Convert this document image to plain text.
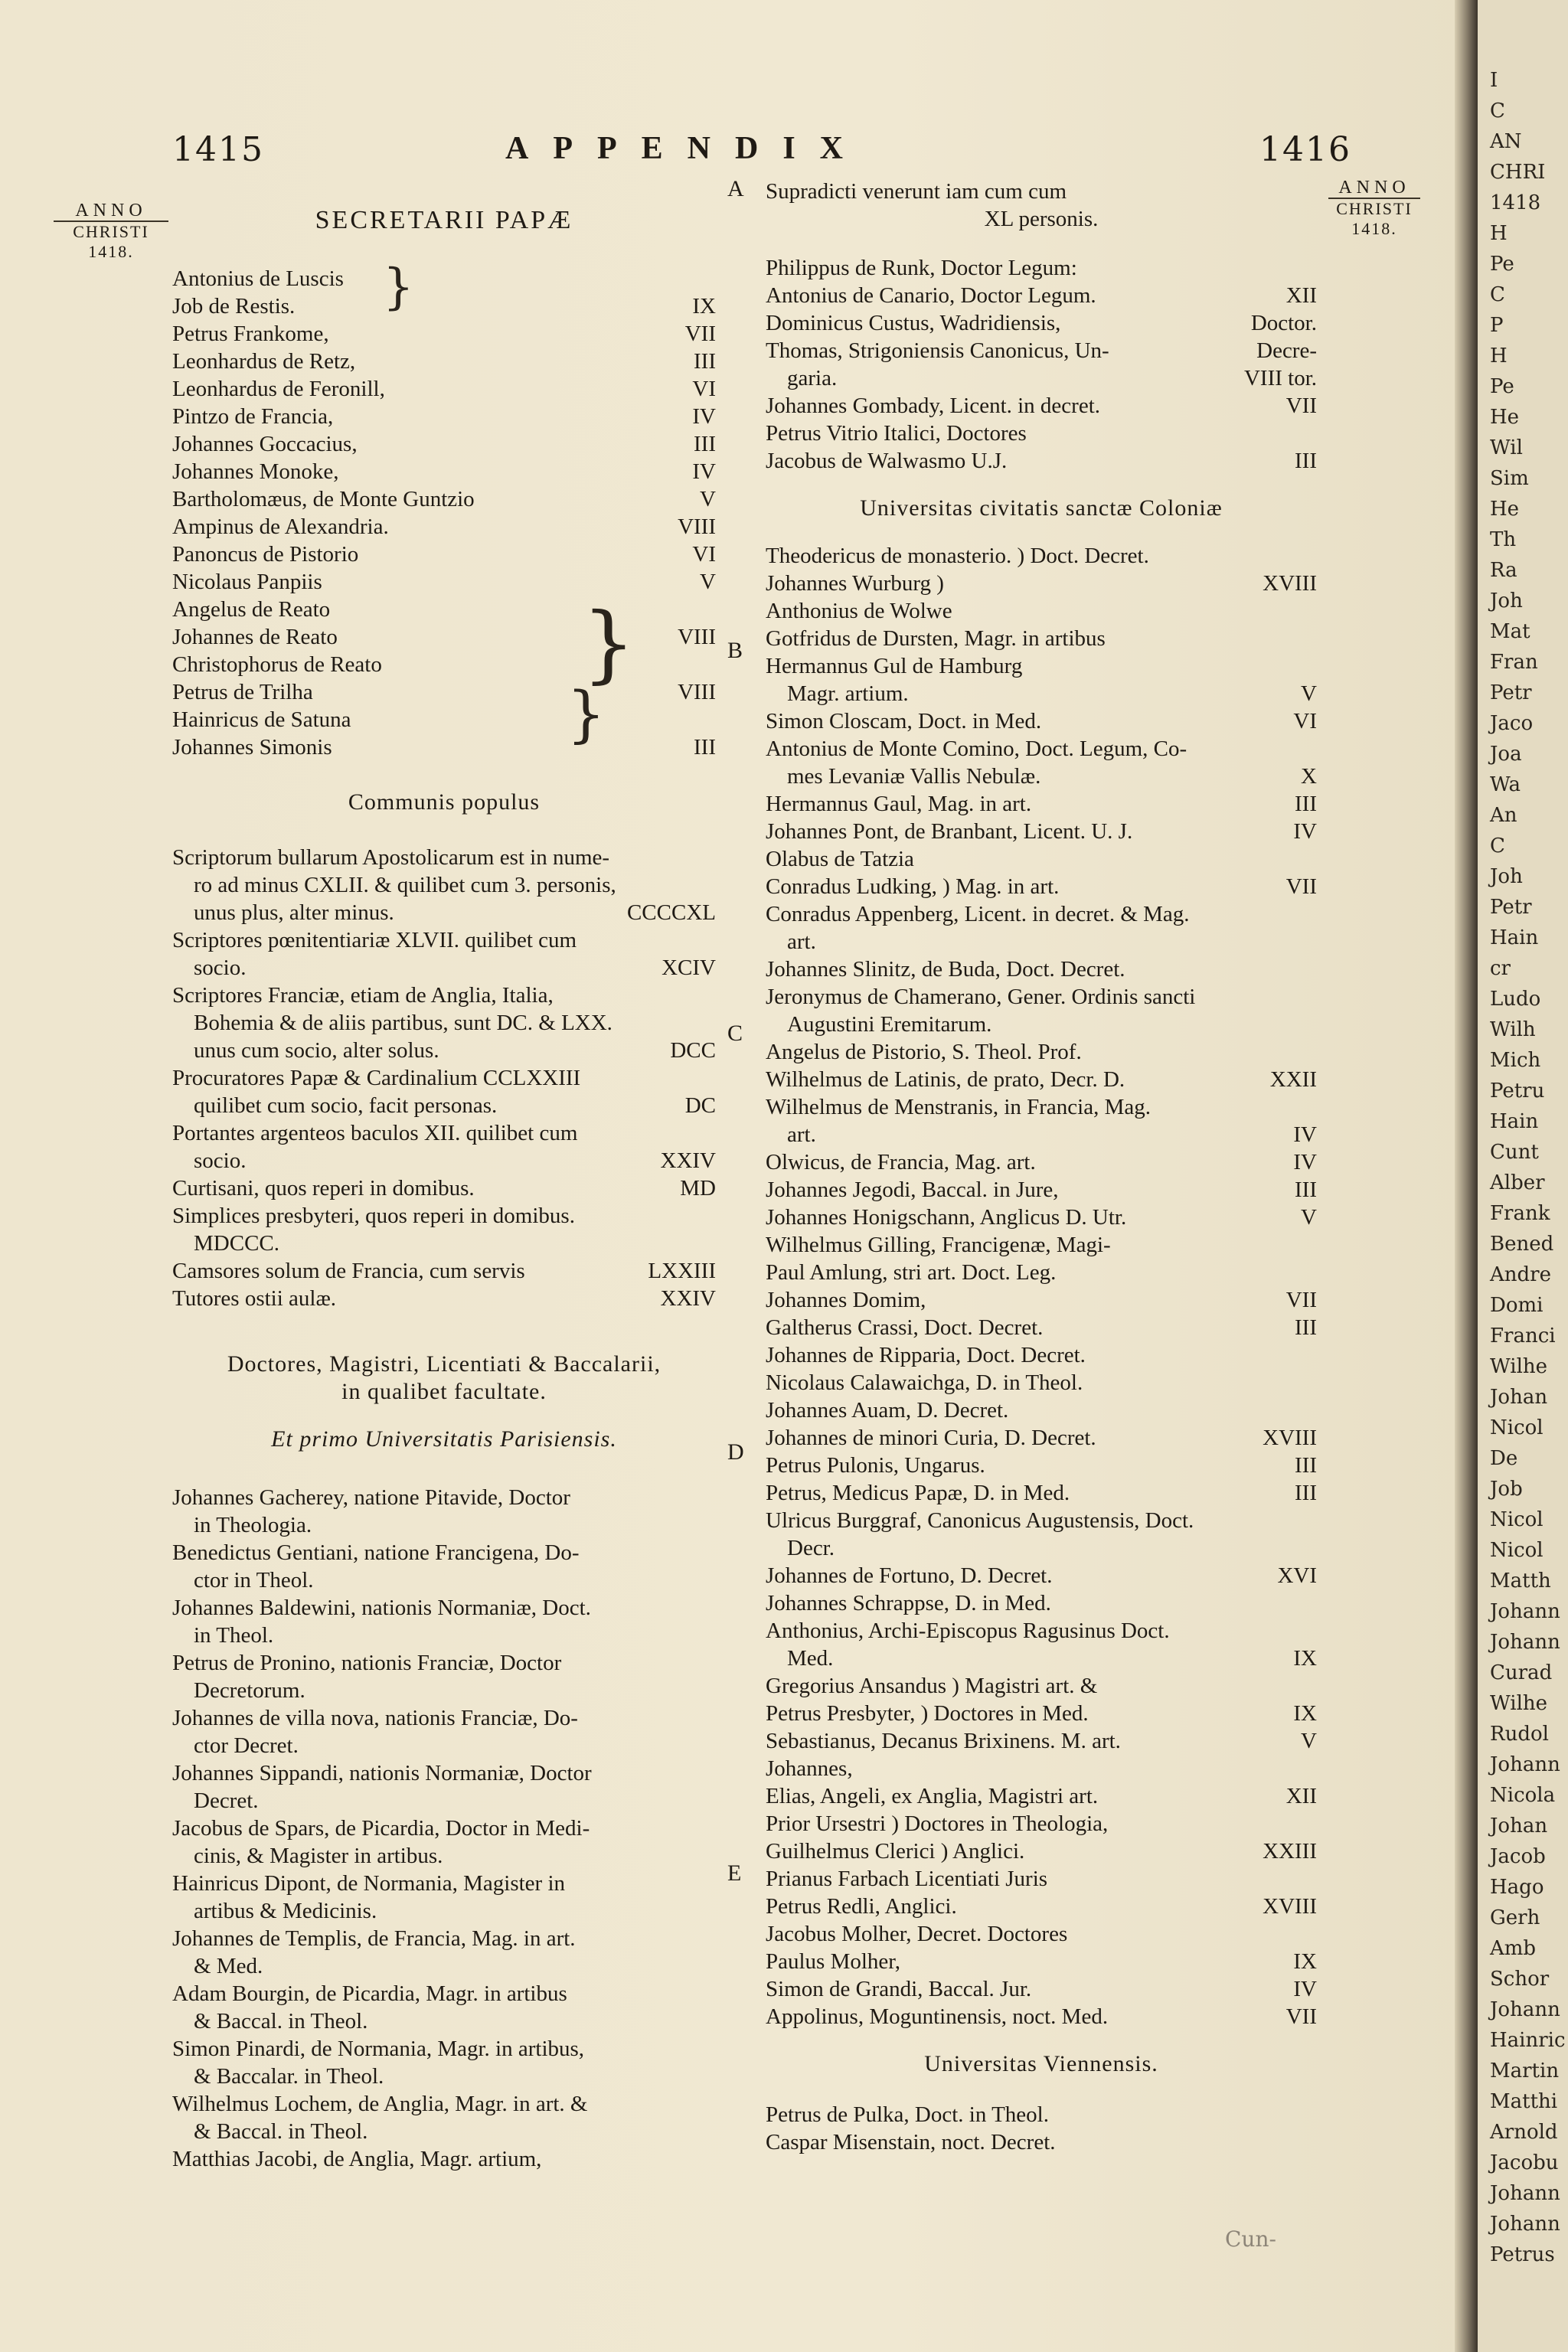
1415	APPENDIX	1416
ANNO
CHRISTI
1418.
ANNO
CHRISTI
1418.
A
B
C
D
E
SECRETARII PAPÆ
Antonius de Luscis
Job de Restis.	IX
Petrus Frankome,	VII
Leonhardus de Retz,	III
Leonhardus de Feronill,	VI
Pintzo de Francia,	IV
Johannes Goccacius,	III
Johannes Monoke,	IV
Bartholomæus, de Monte Guntzio	V
Ampinus de Alexandria.	VIII
Panoncus de Pistorio	VI
Nicolaus Panpiis	V
Angelus de Reato
Johannes de Reato	VIII
Christophorus de Reato
Petrus de Trilha	VIII
Hainricus de Satuna
Johannes Simonis	III
Communis populus
Scriptorum bullarum Apostolicarum est in nume-
ro ad minus CXLII. & quilibet cum 3. personis,
unus plus, alter minus.	CCCCXL
Scriptores pœnitentiariæ XLVII. quilibet cum
socio.	XCIV
Scriptores Franciæ, etiam de Anglia, Italia,
Bohemia & de aliis partibus, sunt DC. & LXX.
unus cum socio, alter solus.	DCC
Procuratores Papæ & Cardinalium CCLXXIII
quilibet cum socio, facit personas.	DC
Portantes argenteos baculos XII. quilibet cum
socio.	XXIV
Curtisani, quos reperi in domibus.	MD
Simplices presbyteri, quos reperi in domibus.
MDCCC.
Camsores solum de Francia, cum servis	LXXIII
Tutores ostii aulæ.	XXIV
Doctores, Magistri, Licentiati & Baccalarii,
in qualibet facultate.
Et primo Universitatis Parisiensis.
Johannes Gacherey, natione Pitavide, Doctor
in Theologia.
Benedictus Gentiani, natione Francigena, Do-
ctor in Theol.
Johannes Baldewini, nationis Normaniæ, Doct.
in Theol.
Petrus de Pronino, nationis Franciæ, Doctor
Decretorum.
Johannes de villa nova, nationis Franciæ, Do-
ctor Decret.
Johannes Sippandi, nationis Normaniæ, Doctor
Decret.
Jacobus de Spars, de Picardia, Doctor in Medi-
cinis, & Magister in artibus.
Hainricus Dipont, de Normania, Magister in
artibus & Medicinis.
Johannes de Templis, de Francia, Mag. in art.
& Med.
Adam Bourgin, de Picardia, Magr. in artibus
& Baccal. in Theol.
Simon Pinardi, de Normania, Magr. in artibus,
& Baccalar. in Theol.
Wilhelmus Lochem, de Anglia, Magr. in art. &
& Baccal. in Theol.
Matthias Jacobi, de Anglia, Magr. artium,
Supradicti venerunt iam cum cum
XL personis.
Philippus de Runk, Doctor Legum:
Antonius de Canario, Doctor Legum.	XII
Dominicus Custus, Wadridiensis,	Doctor.
Thomas, Strigoniensis Canonicus, Un-	Decre-
garia.	VIII tor.
Johannes Gombady, Licent. in decret.	VII
Petrus Vitrio Italici, Doctores
Jacobus de Walwasmo U.J.	III
Universitas civitatis sanctæ Coloniæ
Theodericus de monasterio. ) Doct. Decret.
Johannes Wurburg )	XVIII
Anthonius de Wolwe
Gotfridus de Dursten, Magr. in artibus
Hermannus Gul de Hamburg
Magr. artium.	V
Simon Closcam, Doct. in Med.	VI
Antonius de Monte Comino, Doct. Legum, Co-
mes Levaniæ Vallis Nebulæ.	X
Hermannus Gaul, Mag. in art.	III
Johannes Pont, de Branbant, Licent. U. J.	IV
Olabus de Tatzia
Conradus Ludking, ) Mag. in art.	VII
Conradus Appenberg, Licent. in decret. & Mag.
art.
Johannes Slinitz, de Buda, Doct. Decret.
Jeronymus de Chamerano, Gener. Ordinis sancti
Augustini Eremitarum.
Angelus de Pistorio, S. Theol. Prof.
Wilhelmus de Latinis, de prato, Decr. D.	XXII
Wilhelmus de Menstranis, in Francia, Mag.
art.	IV
Olwicus, de Francia, Mag. art.	IV
Johannes Jegodi, Baccal. in Jure,	III
Johannes Honigschann, Anglicus D. Utr.	V
Wilhelmus Gilling, Francigenæ, Magi-
Paul Amlung, stri art. Doct. Leg.
Johannes Domim,	VII
Galtherus Crassi, Doct. Decret.	III
Johannes de Ripparia, Doct. Decret.
Nicolaus Calawaichga, D. in Theol.
Johannes Auam, D. Decret.
Johannes de minori Curia, D. Decret.	XVIII
Petrus Pulonis, Ungarus.	III
Petrus, Medicus Papæ, D. in Med.	III
Ulricus Burggraf, Canonicus Augustensis, Doct.
Decr.
Johannes de Fortuno, D. Decret.	XVI
Johannes Schrappse, D. in Med.
Anthonius, Archi-Episcopus Ragusinus Doct.
Med.	IX
Gregorius Ansandus ) Magistri art. &
Petrus Presbyter, ) Doctores in Med.	IX
Sebastianus, Decanus Brixinens. M. art.	V
Johannes,
Elias, Angeli, ex Anglia, Magistri art.	XII
Prior Ursestri ) Doctores in Theologia,
Guilhelmus Clerici ) Anglici.	XXIII
Prianus Farbach Licentiati Juris
Petrus Redli, Anglici.	XVIII
Jacobus Molher, Decret. Doctores
Paulus Molher,	IX
Simon de Grandi, Baccal. Jur.	IV
Appolinus, Moguntinensis, noct. Med.	VII
Universitas Viennensis.
Petrus de Pulka, Doct. in Theol.
Caspar Misenstain, noct. Decret.
Cun-
}
}
}
I
C
AN
CHRI
1418
H
Pe
C
P
H
Pe
He
Wil
Sim
He
Th
Ra
Joh
Mat
Fran
Petr
Jaco
Joa
Wa
An
C
Joh
Petr
Hain
cr
Ludo
Wilh
Mich
Petru
Hain
Cunt
Alber
Frank
Bened
Andre
Domi
Franci
Wilhe
Johan
Nicol
De
Job
Nicol
Nicol
Matth
Johann
Johann
Curad
Wilhe
Rudol
Johann
Nicola
Johan
Jacob
Hago
Gerh
Amb
Schor
Johann
Hainric
Martin
Matthi
Arnold
Jacobu
Johann
Johann
Petrus
